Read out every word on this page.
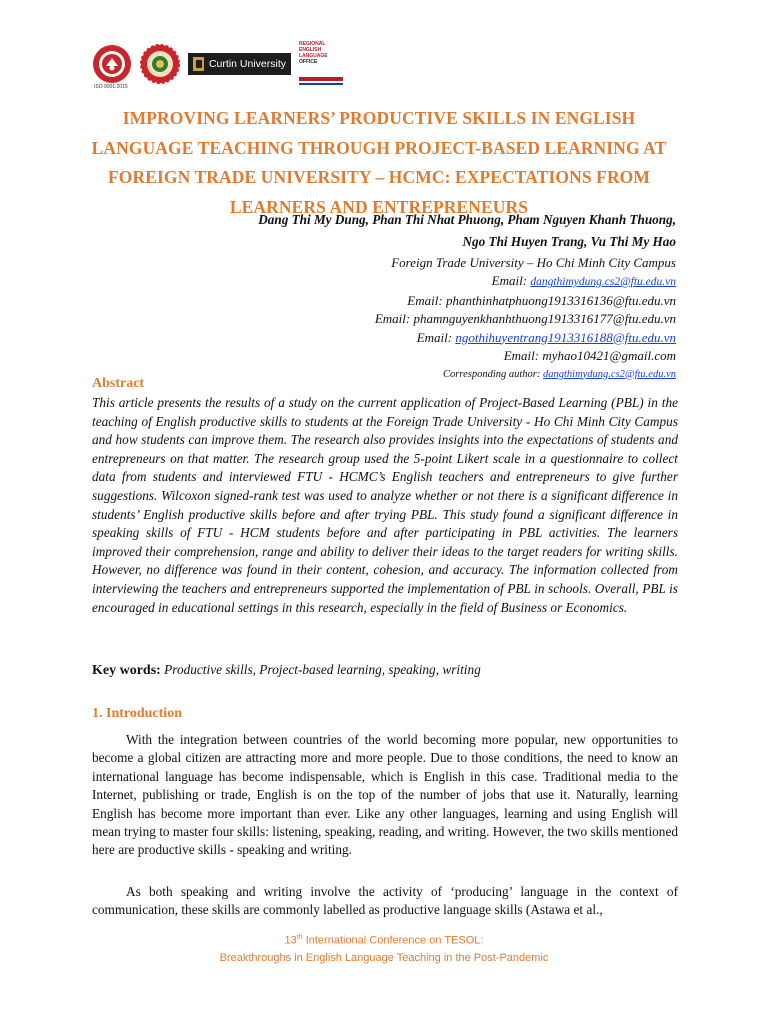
ISO 9001:2015
Curtin University
REGIONAL
ENGLISH
LANGUAGE
OFFICE
IMPROVING LEARNERS’ PRODUCTIVE SKILLS IN ENGLISH LANGUAGE TEACHING THROUGH PROJECT-BASED LEARNING AT FOREIGN TRADE UNIVERSITY – HCMC: EXPECTATIONS FROM LEARNERS AND ENTREPRENEURS
Dang Thi My Dung, Phan Thi Nhat Phuong, Pham Nguyen Khanh Thuong,
Ngo Thi Huyen Trang, Vu Thi My Hao
Foreign Trade University – Ho Chi Minh City Campus
Email: dangthimydung.cs2@ftu.edu.vn
Email: phanthinhatphuong1913316136@ftu.edu.vn
Email: phamnguyenkhanhthuong1913316177@ftu.edu.vn
Email: ngothihuyentrang1913316188@ftu.edu.vn
Email: myhao10421@gmail.com
Corresponding author: dangthimydung.cs2@ftu.edu.vn
Abstract

This article presents the results of a study on the current application of Project-Based Learning (PBL) in the teaching of English productive skills to students at the Foreign Trade University - Ho Chi Minh City Campus and how students can improve them. The research also provides insights into the expectations of students and entrepreneurs on that matter. The research group used the 5-point Likert scale in a questionnaire to collect data from students and interviewed FTU - HCMC’s English teachers and entrepreneurs to give further suggestions. Wilcoxon signed-rank test was used to analyze whether or not there is a significant difference in students’ English productive skills before and after trying PBL. This study found a significant difference in speaking skills of FTU - HCM students before and after participating in PBL activities. The learners improved their comprehension, range and ability to deliver their ideas to the target readers for writing skills. However, no difference was found in their content, cohesion, and accuracy. The information collected from interviewing the teachers and entrepreneurs supported the implementation of PBL in schools. Overall, PBL is encouraged in educational settings in this research, especially in the field of Business or Economics.

Key words: Productive skills, Project-based learning, speaking, writing
1. Introduction

With the integration between countries of the world becoming more popular, new opportunities to become a global citizen are attracting more and more people. Due to those conditions, the need to know an international language has become indispensable, which is English in this case. Traditional media to the Internet, publishing or trade, English is on the top of the number of jobs that use it. Naturally, learning English has become more important than ever. Like any other languages, learning and using English will mean trying to master four skills: listening, speaking, reading, and writing. However, the two skills mentioned here are productive skills - speaking and writing.

As both speaking and writing involve the activity of ‘producing’ language in the context of communication, these skills are commonly labelled as productive language skills (Astawa et al.,

13th International Conference on TESOL:
Breakthroughs in English Language Teaching in the Post-Pandemic
